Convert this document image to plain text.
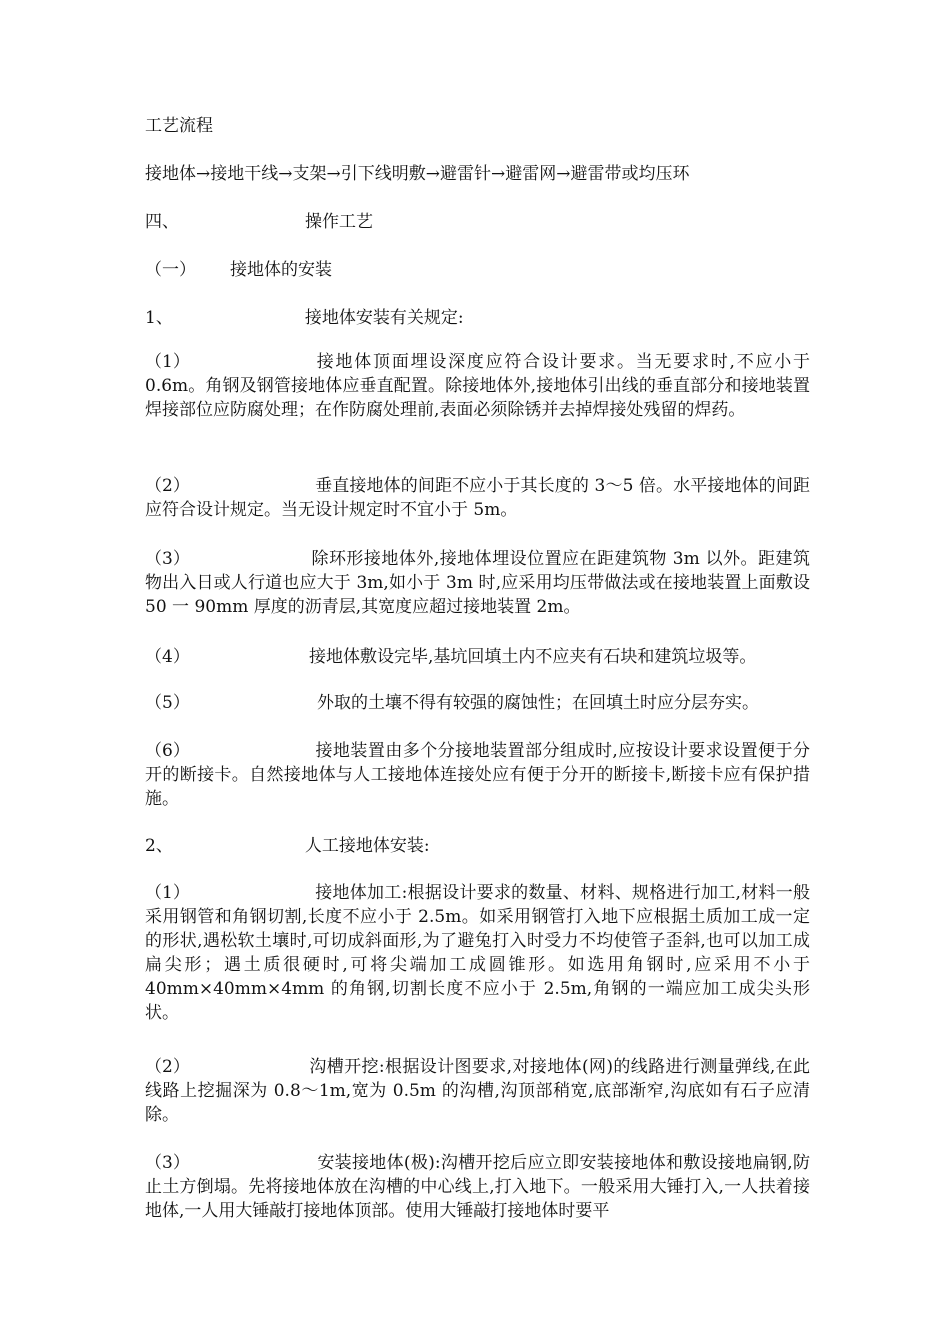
工艺流程
接地体→接地干线→支架→引下线明敷→避雷针→避雷网→避雷带或均压环
四、	操作工艺
（一） 接地体的安装
1、	接地体安装有关规定:
（1）	接地体顶面埋设深度应符合设计要求。当无要求时,不应小于 0.6m。角钢及钢管接地体应垂直配置。除接地体外,接地体引出线的垂直部分和接地装置焊接部位应防腐处理；在作防腐处理前,表面必须除锈并去掉焊接处残留的焊药。
（2）	垂直接地体的间距不应小于其长度的 3～5 倍。水平接地体的间距应符合设计规定。当无设计规定时不宜小于 5m。
（3）	除环形接地体外,接地体埋设位置应在距建筑物 3m 以外。距建筑物出入日或人行道也应大于 3m,如小于 3m 时,应采用均压带做法或在接地装置上面敷设 50 一 90mm 厚度的沥青层,其宽度应超过接地装置 2m。
（4）	接地体敷设完毕,基坑回填土内不应夹有石块和建筑垃圾等。
（5）	外取的土壤不得有较强的腐蚀性；在回填土时应分层夯实。
（6）	接地装置由多个分接地装置部分组成时,应按设计要求设置便于分开的断接卡。自然接地体与人工接地体连接处应有便于分开的断接卡,断接卡应有保护措施。
2、	人工接地体安装:
（1）	接地体加工:根据设计要求的数量、材料、规格进行加工,材料一般采用钢管和角钢切割,长度不应小于 2.5m。如采用钢管打入地下应根据土质加工成一定的形状,遇松软土壤时,可切成斜面形,为了避兔打入时受力不均使管子歪斜,也可以加工成扁尖形；遇土质很硬时,可将尖端加工成圆锥形。如选用角钢时,应采用不小于 40mm×40mm×4mm 的角钢,切割长度不应小于 2.5m,角钢的一端应加工成尖头形状。
（2）	沟槽开挖:根据设计图要求,对接地体(网)的线路进行测量弹线,在此线路上挖掘深为 0.8～1m,宽为 0.5m 的沟槽,沟顶部稍宽,底部渐窄,沟底如有石子应清除。
（3）	安装接地体(极):沟槽开挖后应立即安装接地体和敷设接地扁钢,防止土方倒塌。先将接地体放在沟槽的中心线上,打入地下。一般采用大锤打入,一人扶着接地体,一人用大锤敲打接地体顶部。使用大锤敲打接地体时要平
